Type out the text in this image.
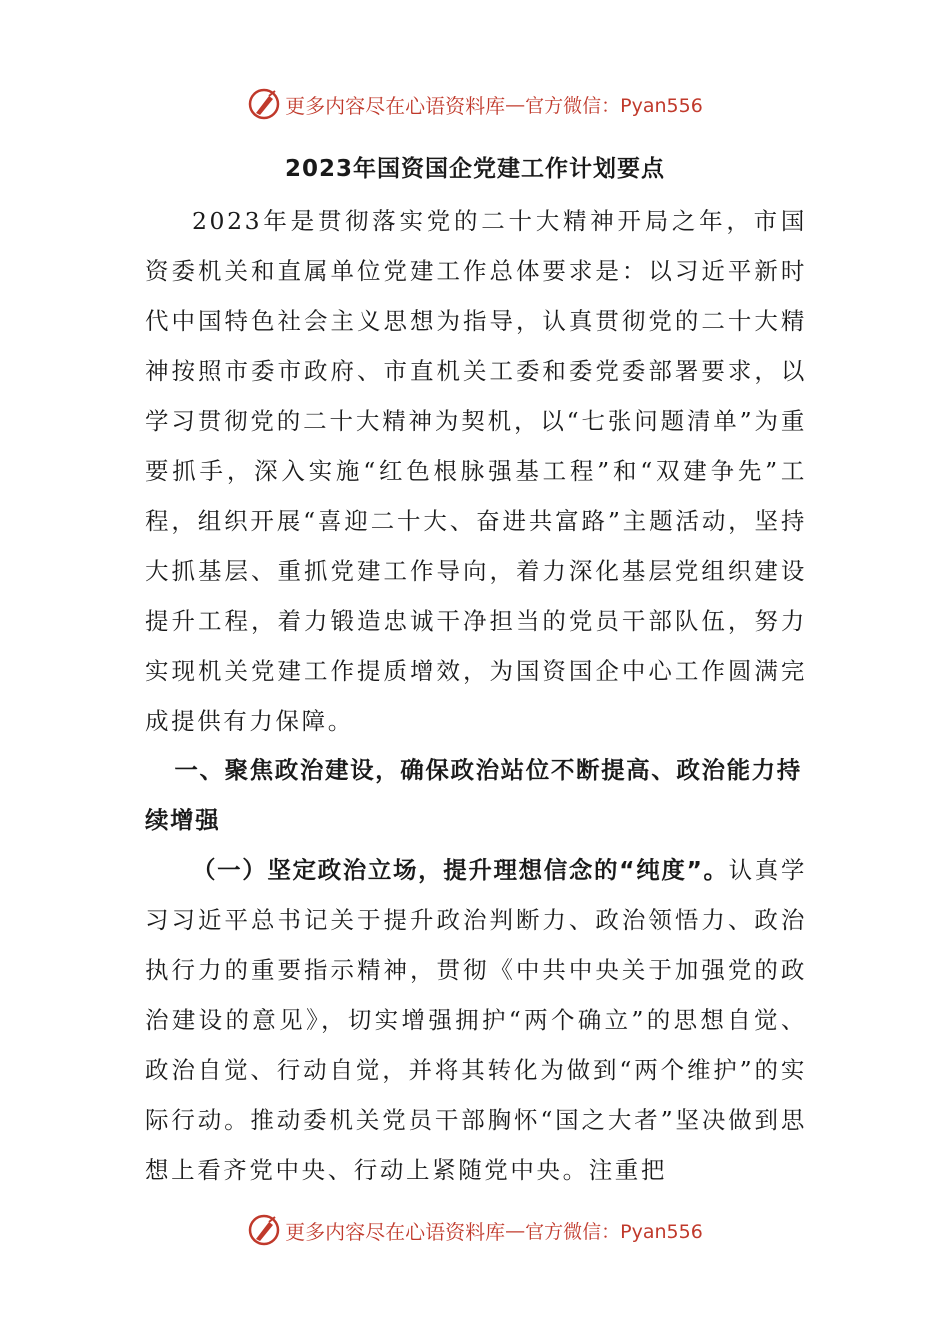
更多内容尽在心语资料库 — 官方微信：Pyan556
2023年国资国企党建工作计划要点

2023年是贯彻落实党的二十大精神开局之年，市国资委机关和直属单位党建工作总体要求是：以习近平新时代中国特色社会主义思想为指导，认真贯彻党的二十大精神按照市委市政府、市直机关工委和委党委部署要求，以学习贯彻党的二十大精神为契机，以“七张问题清单”为重要抓手，深入实施“红色根脉强基工程”和“双建争先”工程，组织开展“喜迎二十大、奋进共富路”主题活动，坚持大抓基层、重抓党建工作导向，着力深化基层党组织建设提升工程，着力锻造忠诚干净担当的党员干部队伍，努力实现机关党建工作提质增效，为国资国企中心工作圆满完成提供有力保障。

一、聚焦政治建设，确保政治站位不断提高、政治能力持续增强

（一）坚定政治立场，提升理想信念的“纯度”。认真学习习近平总书记关于提升政治判断力、政治领悟力、政治执行力的重要指示精神，贯彻《中共中央关于加强党的政治建设的意见》，切实增强拥护“两个确立”的思想自觉、政治自觉、行动自觉，并将其转化为做到“两个维护”的实际行动。推动委机关党员干部胸怀“国之大者”坚决做到思想上看齐党中央、行动上紧随党中央。注重把

更多内容尽在心语资料库 — 官方微信：Pyan556
